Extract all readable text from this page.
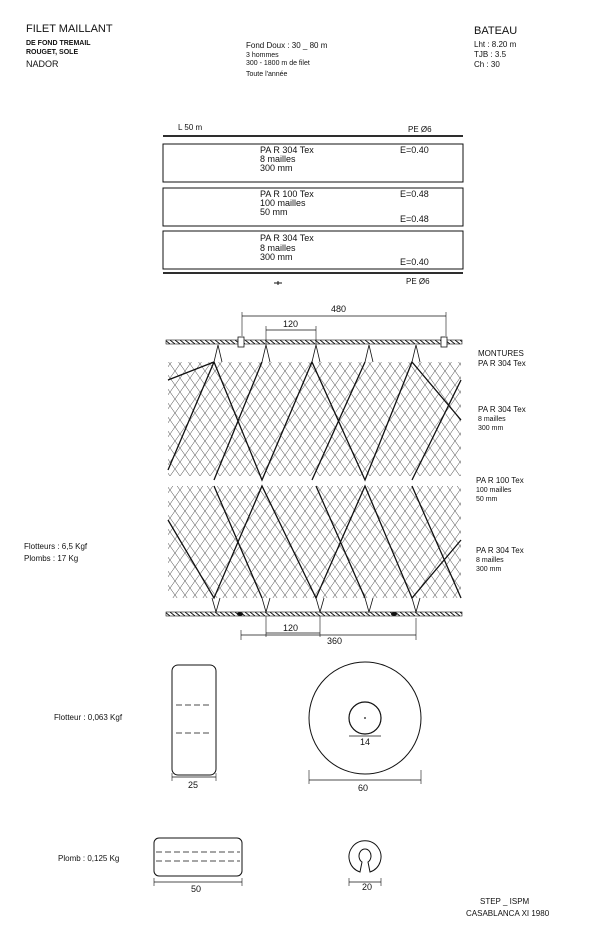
FILET MAILLANT
DE FOND TREMAIL
ROUGET, SOLE
NADOR
Fond Doux : 30 _ 80 m
3 hommes
300 - 1800 m de filet
Toute l'année
BATEAU
Lht : 8.20 m
TJB : 3.5
Ch : 30
L 50 m	PE Ø6
PE Ø6
PA R 304 Tex
8 mailles
300 mm
E=0.40
PA R 100 Tex
100 mailles
50 mm
E=0.48
E=0.48
PA R 304 Tex
8 mailles
300 mm	E=0.40
480
120
120
360
MONTURES
PA R 304 Tex
PA R 304 Tex
8 mailles
300 mm
PA R 100 Tex
100 mailles
50 mm
PA R 304 Tex
8 mailles
300 mm
Flotteurs : 6,5 Kgf
Plombs : 17 Kg
Flotteur : 0,063 Kgf
25
14
60
Plomb : 0,125 Kg
50	20
STEP _ ISPM
CASABLANCA XI 1980
